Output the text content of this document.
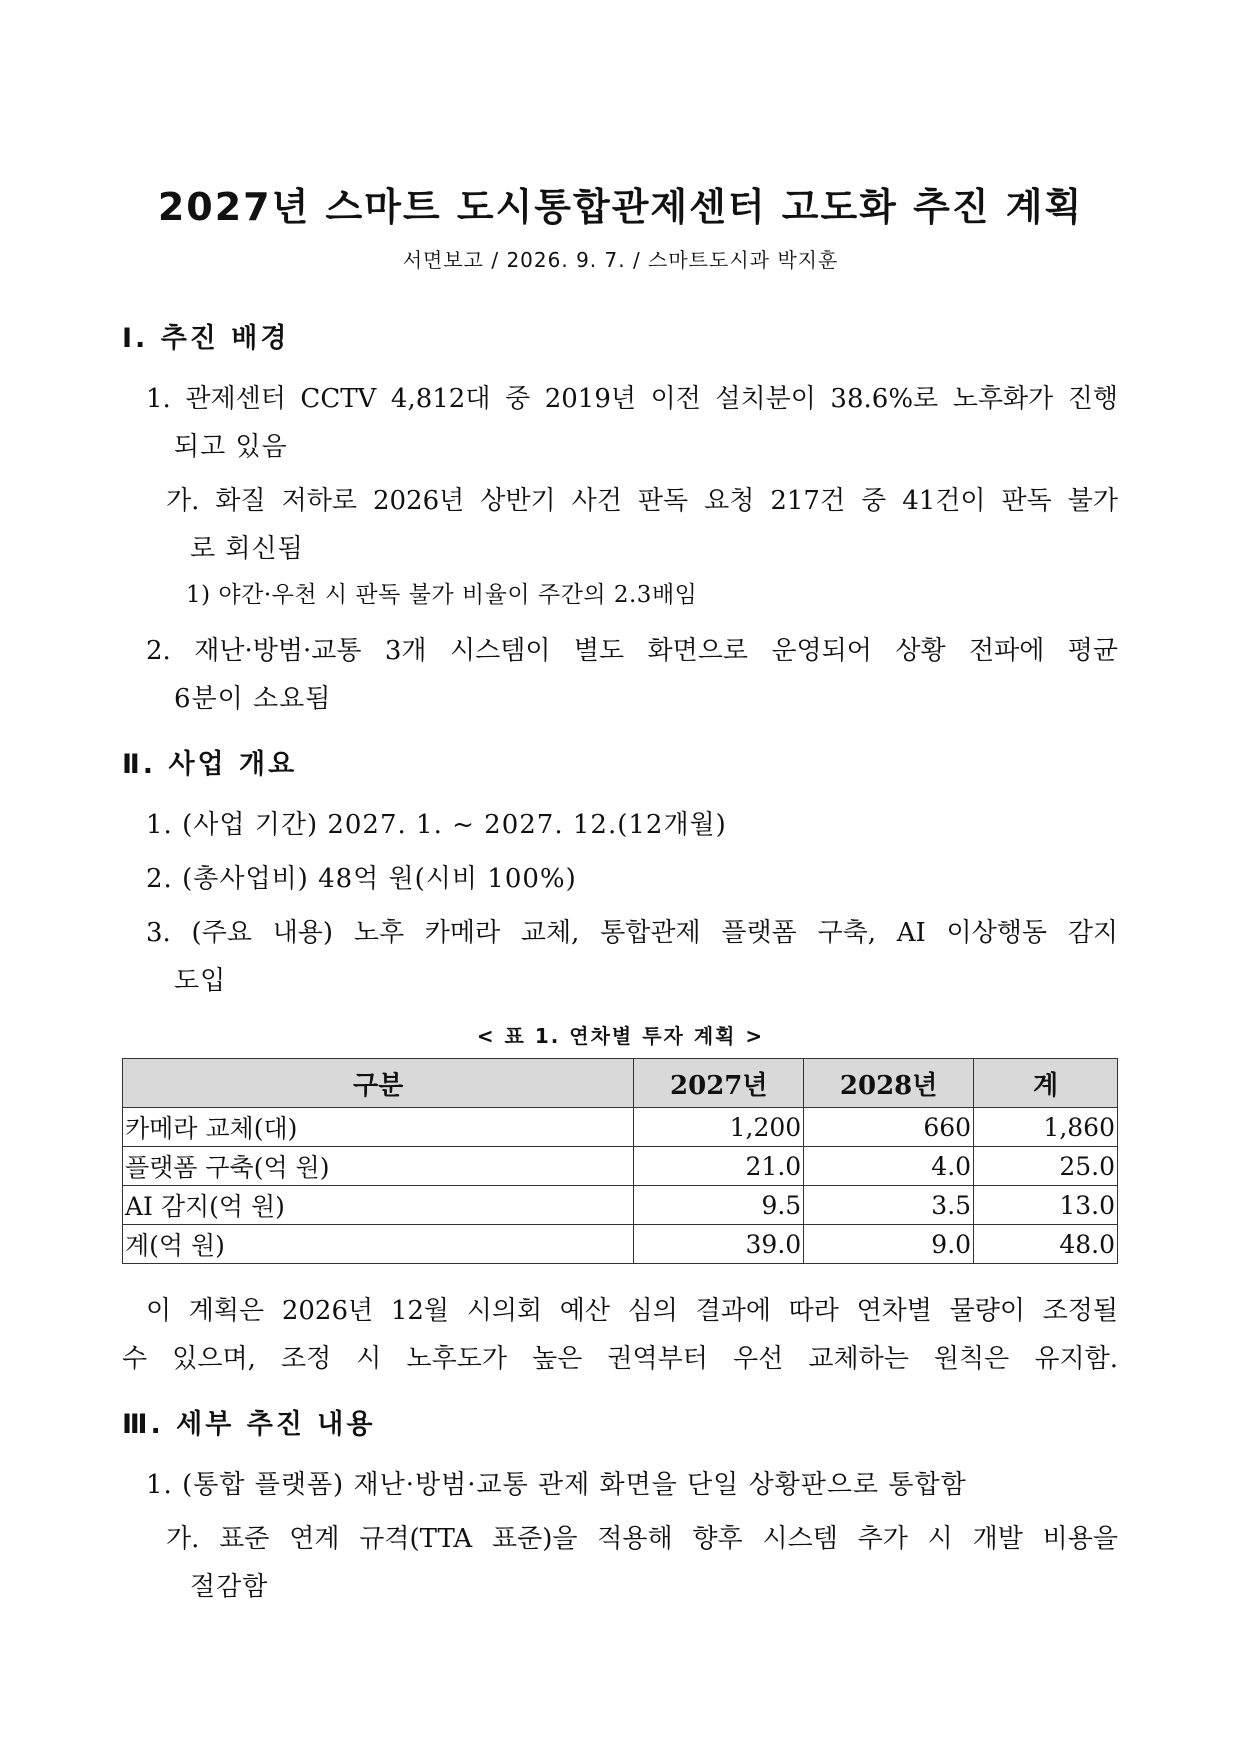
2027년 스마트 도시통합관제센터 고도화 추진 계획
서면보고 / 2026. 9. 7. / 스마트도시과 박지훈
Ⅰ. 추진 배경
1. 관제센터 CCTV 4,812대 중 2019년 이전 설치분이 38.6%로 노후화가 진행
되고 있음
가. 화질 저하로 2026년 상반기 사건 판독 요청 217건 중 41건이 판독 불가
로 회신됨
1) 야간·우천 시 판독 불가 비율이 주간의 2.3배임
2. 재난·방범·교통 3개 시스템이 별도 화면으로 운영되어 상황 전파에 평균
6분이 소요됨
Ⅱ. 사업 개요
1. (사업 기간) 2027. 1. ~ 2027. 12.(12개월)
2. (총사업비) 48억 원(시비 100%)
3. (주요 내용) 노후 카메라 교체, 통합관제 플랫폼 구축, AI 이상행동 감지
도입
< 표 1. 연차별 투자 계획 >
구분	2027년	2028년	계
카메라 교체(대)	1,200	660	1,860
플랫폼 구축(억 원)	21.0	4.0	25.0
AI 감지(억 원)	9.5	3.5	13.0
계(억 원)	39.0	9.0	48.0
이 계획은 2026년 12월 시의회 예산 심의 결과에 따라 연차별 물량이 조정될
수 있으며, 조정 시 노후도가 높은 권역부터 우선 교체하는 원칙은 유지함.
Ⅲ. 세부 추진 내용
1. (통합 플랫폼) 재난·방범·교통 관제 화면을 단일 상황판으로 통합함
가. 표준 연계 규격(TTA 표준)을 적용해 향후 시스템 추가 시 개발 비용을
절감함
